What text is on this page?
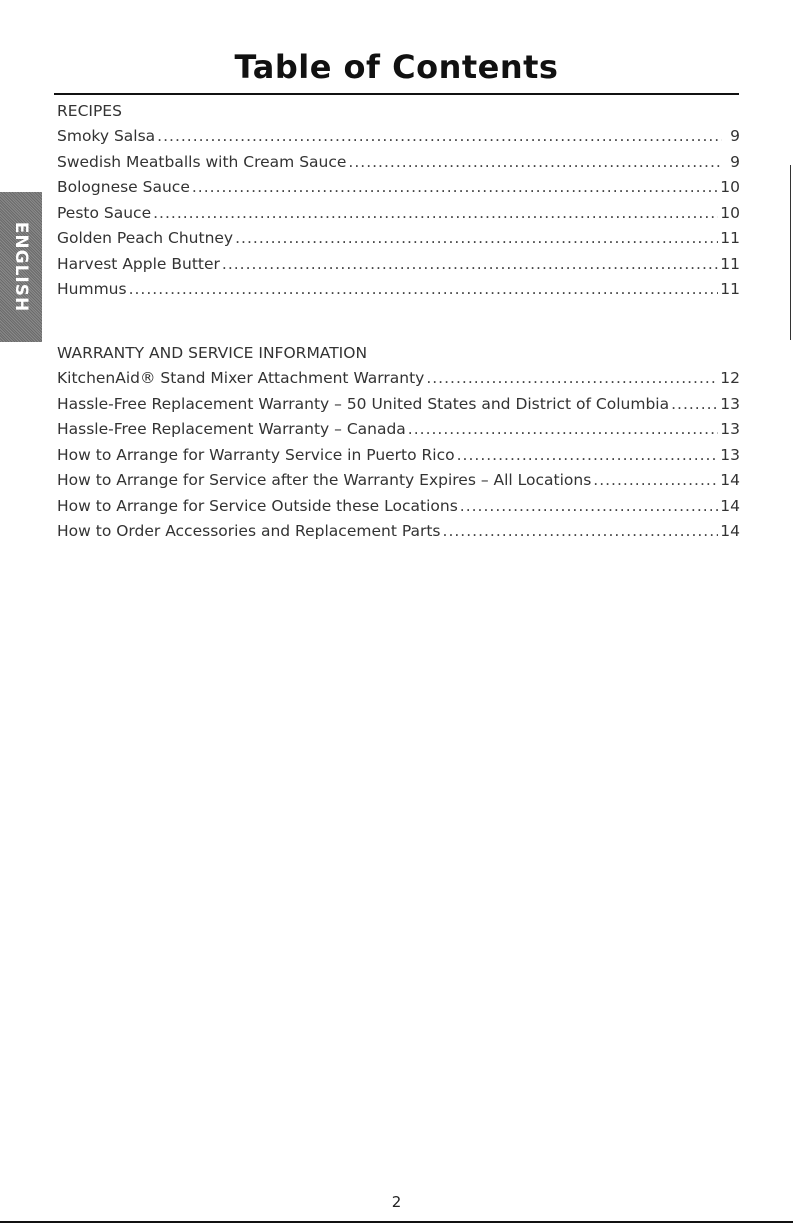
Table of Contents
ENGLISH
RECIPES
Smoky Salsa .....	9
Swedish Meatballs with Cream Sauce .....	9
Bolognese Sauce .....	10
Pesto Sauce .....	10
Golden Peach Chutney .....	11
Harvest Apple Butter .....	11
Hummus .....	11
WARRANTY AND SERVICE INFORMATION
KitchenAid® Stand Mixer Attachment Warranty .....	12
Hassle-Free Replacement Warranty – 50 United States and District of Columbia .....	13
Hassle-Free Replacement Warranty – Canada .....	13
How to Arrange for Warranty Service in Puerto Rico .....	13
How to Arrange for Service after the Warranty Expires – All Locations .....	14
How to Arrange for Service Outside these Locations .....	14
How to Order Accessories and Replacement Parts .....	14
2
